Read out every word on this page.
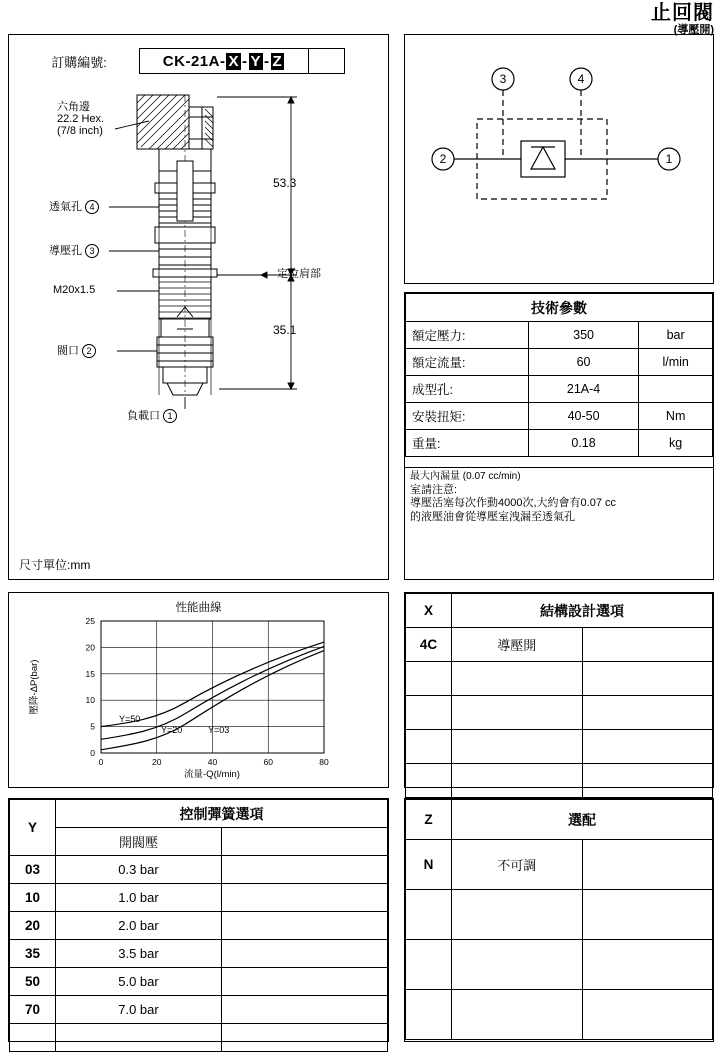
止回閥
(導壓開)
訂購編號:	CK-21A- X - Y - Z
六角邊
22.2 Hex.
(7/8 inch)
透氣孔 4
導壓孔 3
M20x1.5
閥口 2
負載口 1
53.3
35.1
定位肩部
尺寸單位:mm
3	4
2	1
技術參數		
額定壓力:	350	bar
額定流量:	60	l/min
成型孔:	21A-4	
安裝扭矩:	40-50	Nm
重量:	0.18	kg
最大內漏量 (0.07 cc/min)
室請注意:
導壓活塞每次作動4000次,大約會有0.07 cc
的液壓油會從導壓室洩漏至透氣孔
性能曲線
25
20
15
10
5
0
0	20	40	60	80
Y=50
Y=20	Y=03
流量-Q(l/min)
壓降-ΔP(bar)
X	結構設計選項	
4C	導壓開	

Y	控制彈簧選項	
	開閥壓	
03	0.3 bar	
10	1.0 bar	
20	2.0 bar	
35	3.5 bar	
50	5.0 bar	
70	7.0 bar	

Z	選配	
N	不可調	
